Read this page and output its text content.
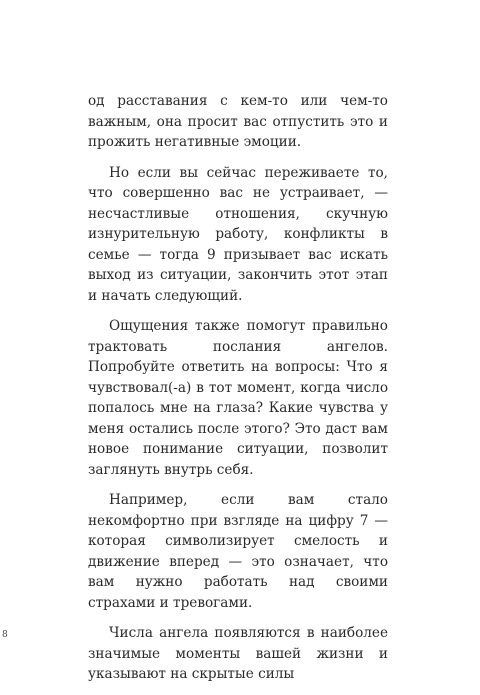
од расставания с кем-то или чем-то важным, она просит вас отпустить это и прожить негативные эмоции.

Но если вы сейчас переживаете то, что совершенно вас не устраивает, — несчастливые отношения, скучную изнурительную работу, конфликты в семье — тогда 9 призывает вас искать выход из ситуации, закончить этот этап и начать следующий.

Ощущения также помогут правильно трактовать послания ангелов. Попробуйте ответить на вопросы: Что я чувствовал(-а) в тот момент, когда число попалось мне на глаза? Какие чувства у меня остались после этого? Это даст вам новое понимание ситуации, позволит заглянуть внутрь себя.

Например, если вам стало некомфортно при взгляде на цифру 7 — которая символизирует смелость и движение вперед — это означает, что вам нужно работать над своими страхами и тревогами.

Числа ангела появляются в наиболее значимые моменты вашей жизни и указывают на скрытые силы

8
